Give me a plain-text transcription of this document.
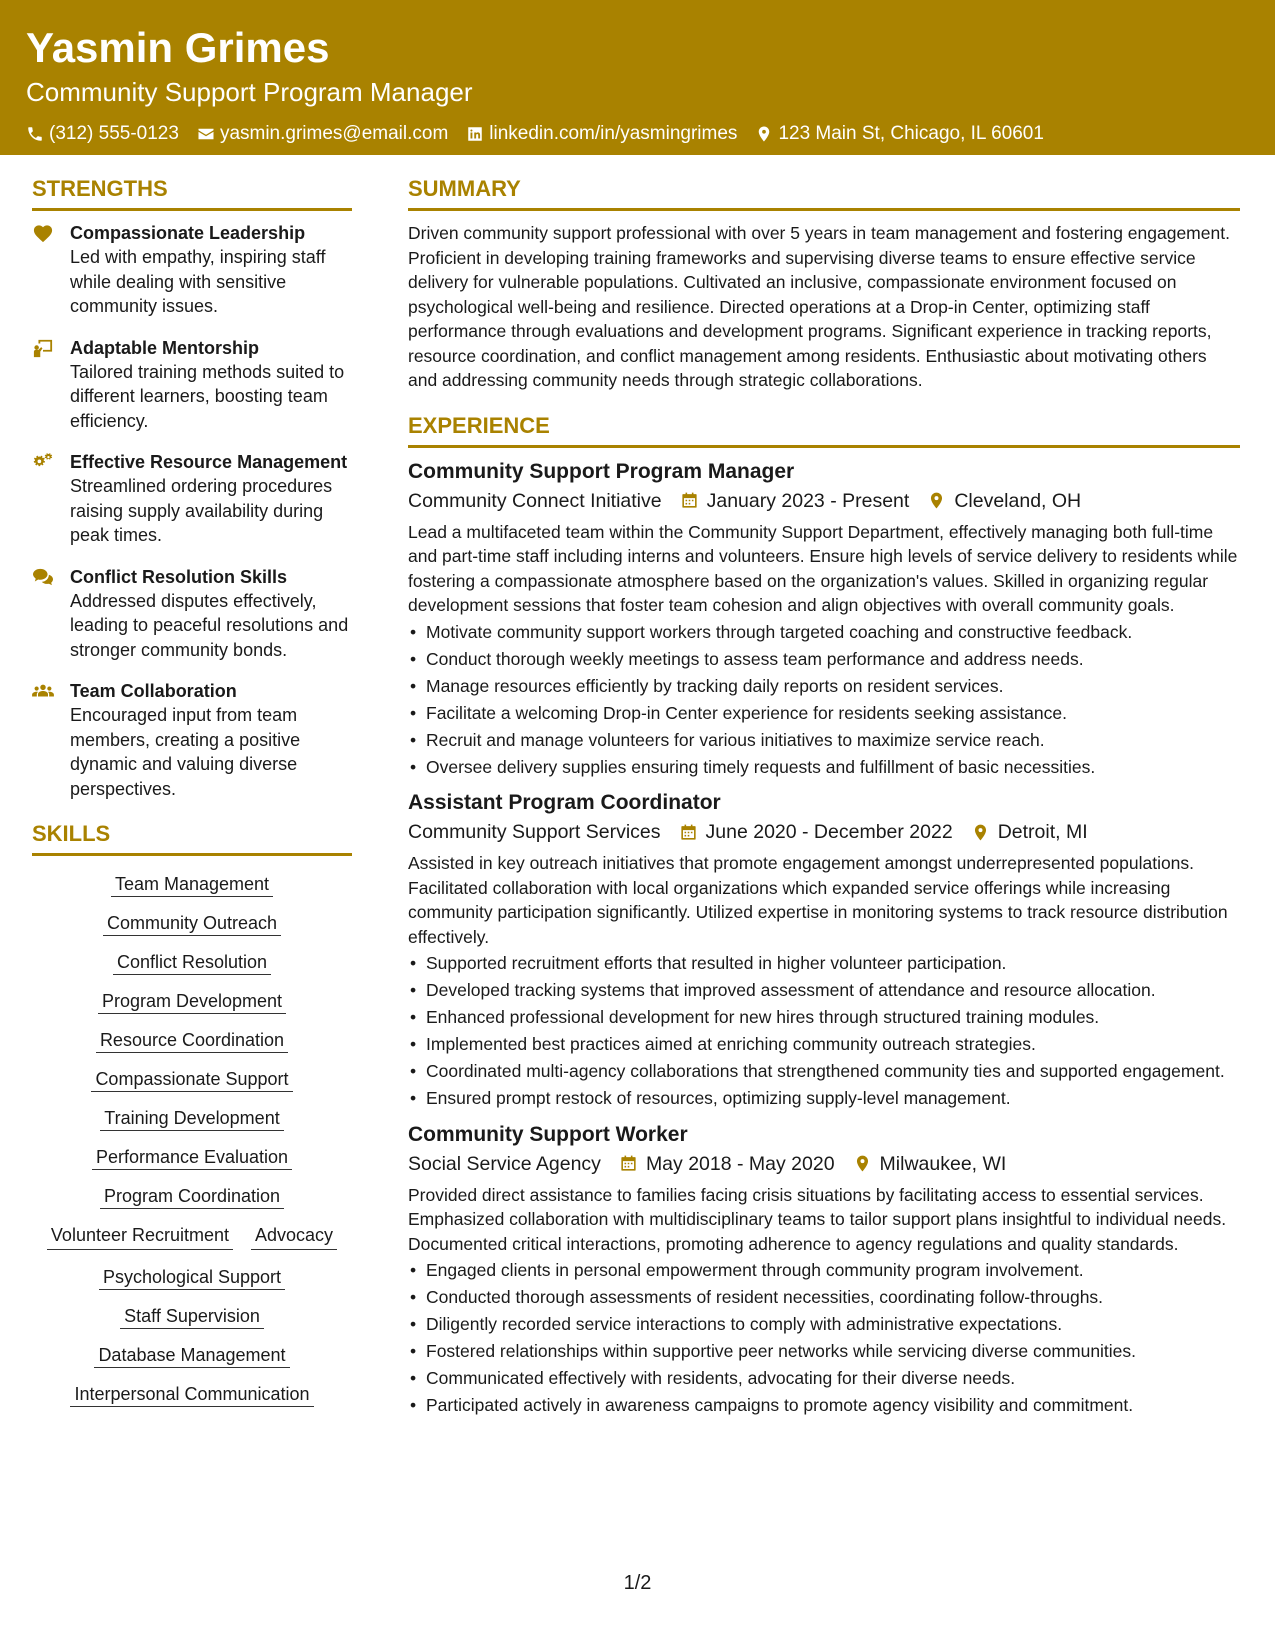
Yasmin Grimes
Community Support Program Manager
(312) 555-0123 yasmin.grimes@email.com linkedin.com/in/yasmingrimes 123 Main St, Chicago, IL 60601
STRENGTHS
Compassionate Leadership
Led with empathy, inspiring staff while dealing with sensitive community issues.
Adaptable Mentorship
Tailored training methods suited to different learners, boosting team efficiency.
Effective Resource Management
Streamlined ordering procedures raising supply availability during peak times.
Conflict Resolution Skills
Addressed disputes effectively, leading to peaceful resolutions and stronger community bonds.
Team Collaboration
Encouraged input from team members, creating a positive dynamic and valuing diverse perspectives.
SKILLS
Team Management
Community Outreach
Conflict Resolution
Program Development
Resource Coordination
Compassionate Support
Training Development
Performance Evaluation
Program Coordination
Volunteer Recruitment Advocacy
Psychological Support
Staff Supervision
Database Management
Interpersonal Communication
SUMMARY
Driven community support professional with over 5 years in team management and fostering engagement. Proficient in developing training frameworks and supervising diverse teams to ensure effective service delivery for vulnerable populations. Cultivated an inclusive, compassionate environment focused on psychological well-being and resilience. Directed operations at a Drop-in Center, optimizing staff performance through evaluations and development programs. Significant experience in tracking reports, resource coordination, and conflict management among residents. Enthusiastic about motivating others and addressing community needs through strategic collaborations.
EXPERIENCE
Community Support Program Manager
Community Connect Initiative January 2023 - Present Cleveland, OH
Lead a multifaceted team within the Community Support Department, effectively managing both full-time and part-time staff including interns and volunteers. Ensure high levels of service delivery to residents while fostering a compassionate atmosphere based on the organization's values. Skilled in organizing regular development sessions that foster team cohesion and align objectives with overall community goals.
• Motivate community support workers through targeted coaching and constructive feedback.
• Conduct thorough weekly meetings to assess team performance and address needs.
• Manage resources efficiently by tracking daily reports on resident services.
• Facilitate a welcoming Drop-in Center experience for residents seeking assistance.
• Recruit and manage volunteers for various initiatives to maximize service reach.
• Oversee delivery supplies ensuring timely requests and fulfillment of basic necessities.
Assistant Program Coordinator
Community Support Services June 2020 - December 2022 Detroit, MI
Assisted in key outreach initiatives that promote engagement amongst underrepresented populations. Facilitated collaboration with local organizations which expanded service offerings while increasing community participation significantly. Utilized expertise in monitoring systems to track resource distribution effectively.
• Supported recruitment efforts that resulted in higher volunteer participation.
• Developed tracking systems that improved assessment of attendance and resource allocation.
• Enhanced professional development for new hires through structured training modules.
• Implemented best practices aimed at enriching community outreach strategies.
• Coordinated multi-agency collaborations that strengthened community ties and supported engagement.
• Ensured prompt restock of resources, optimizing supply-level management.
Community Support Worker
Social Service Agency May 2018 - May 2020 Milwaukee, WI
Provided direct assistance to families facing crisis situations by facilitating access to essential services. Emphasized collaboration with multidisciplinary teams to tailor support plans insightful to individual needs. Documented critical interactions, promoting adherence to agency regulations and quality standards.
• Engaged clients in personal empowerment through community program involvement.
• Conducted thorough assessments of resident necessities, coordinating follow-throughs.
• Diligently recorded service interactions to comply with administrative expectations.
• Fostered relationships within supportive peer networks while servicing diverse communities.
• Communicated effectively with residents, advocating for their diverse needs.
• Participated actively in awareness campaigns to promote agency visibility and commitment.
1/2
